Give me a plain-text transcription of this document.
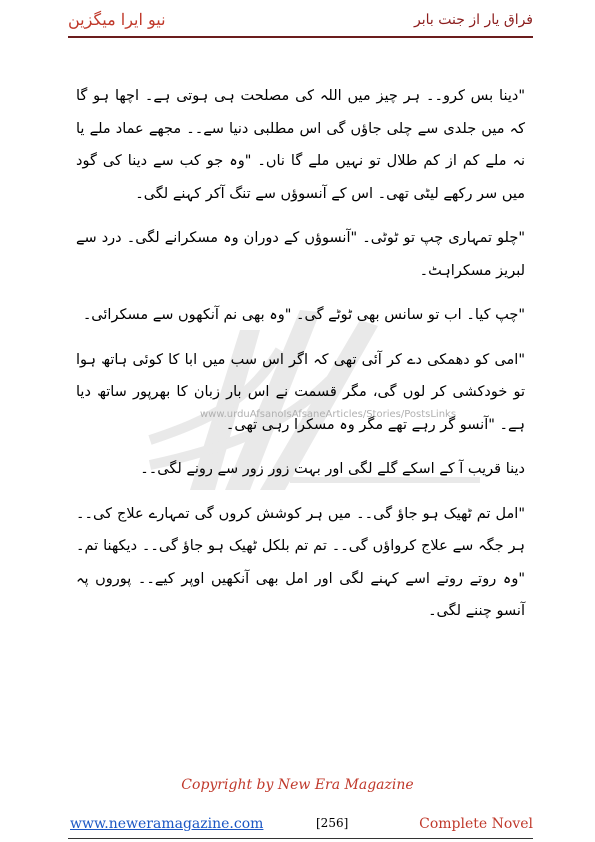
نیو ایرا میگزین	فراق یار از جنت بابر
www.urduAfsanoIsAfsaneArticles/Stories/PostsLinks

"دینا بس کرو۔۔ ہر چیز میں اللہ کی مصلحت ہی ہوتی ہے۔ اچھا ہو گا کہ میں جلدی سے چلی جاؤں گی اس مطلبی دنیا سے۔۔ مجھے عماد ملے یا نہ ملے کم از کم طلال تو نہیں ملے گا ناں۔ "وہ جو کب سے دینا کی گود میں سر رکھے لیٹی تھی۔ اس کے آنسوؤں سے تنگ آکر کہنے لگی۔

"چلو تمہاری چپ تو ٹوٹی۔ "آنسوؤں کے دوران وہ مسکرانے لگی۔ درد سے لبریز مسکراہٹ۔

"چپ کیا۔ اب تو سانس بھی ٹوٹے گی۔ "وہ بھی نم آنکھوں سے مسکرائی۔

"امی کو دھمکی دے کر آئی تھی کہ اگر اس سب میں ابا کا کوئی ہاتھ ہوا تو خودکشی کر لوں گی، مگر قسمت نے اس بار زبان کا بھرپور ساتھ دیا ہے۔ "آنسو گر رہے تھے مگر وہ مسکرا رہی تھی۔

دینا قریب آ کے اسکے گلے لگی اور بہت زور زور سے رونے لگی۔۔

"امل تم ٹھیک ہو جاؤ گی۔۔ میں ہر کوشش کروں گی تمہارے علاج کی۔۔ ہر جگہ سے علاج کرواؤں گی۔۔ تم تم بلکل ٹھیک ہو جاؤ گی۔۔ دیکھنا تم۔ "وہ روتے روتے اسے کہنے لگی اور امل بھی آنکھیں اوپر کیے۔۔ پوروں پہ آنسو چننے لگی۔

Copyright by New Era Magazine
www.neweramagazine.com	[256]	Complete Novel
